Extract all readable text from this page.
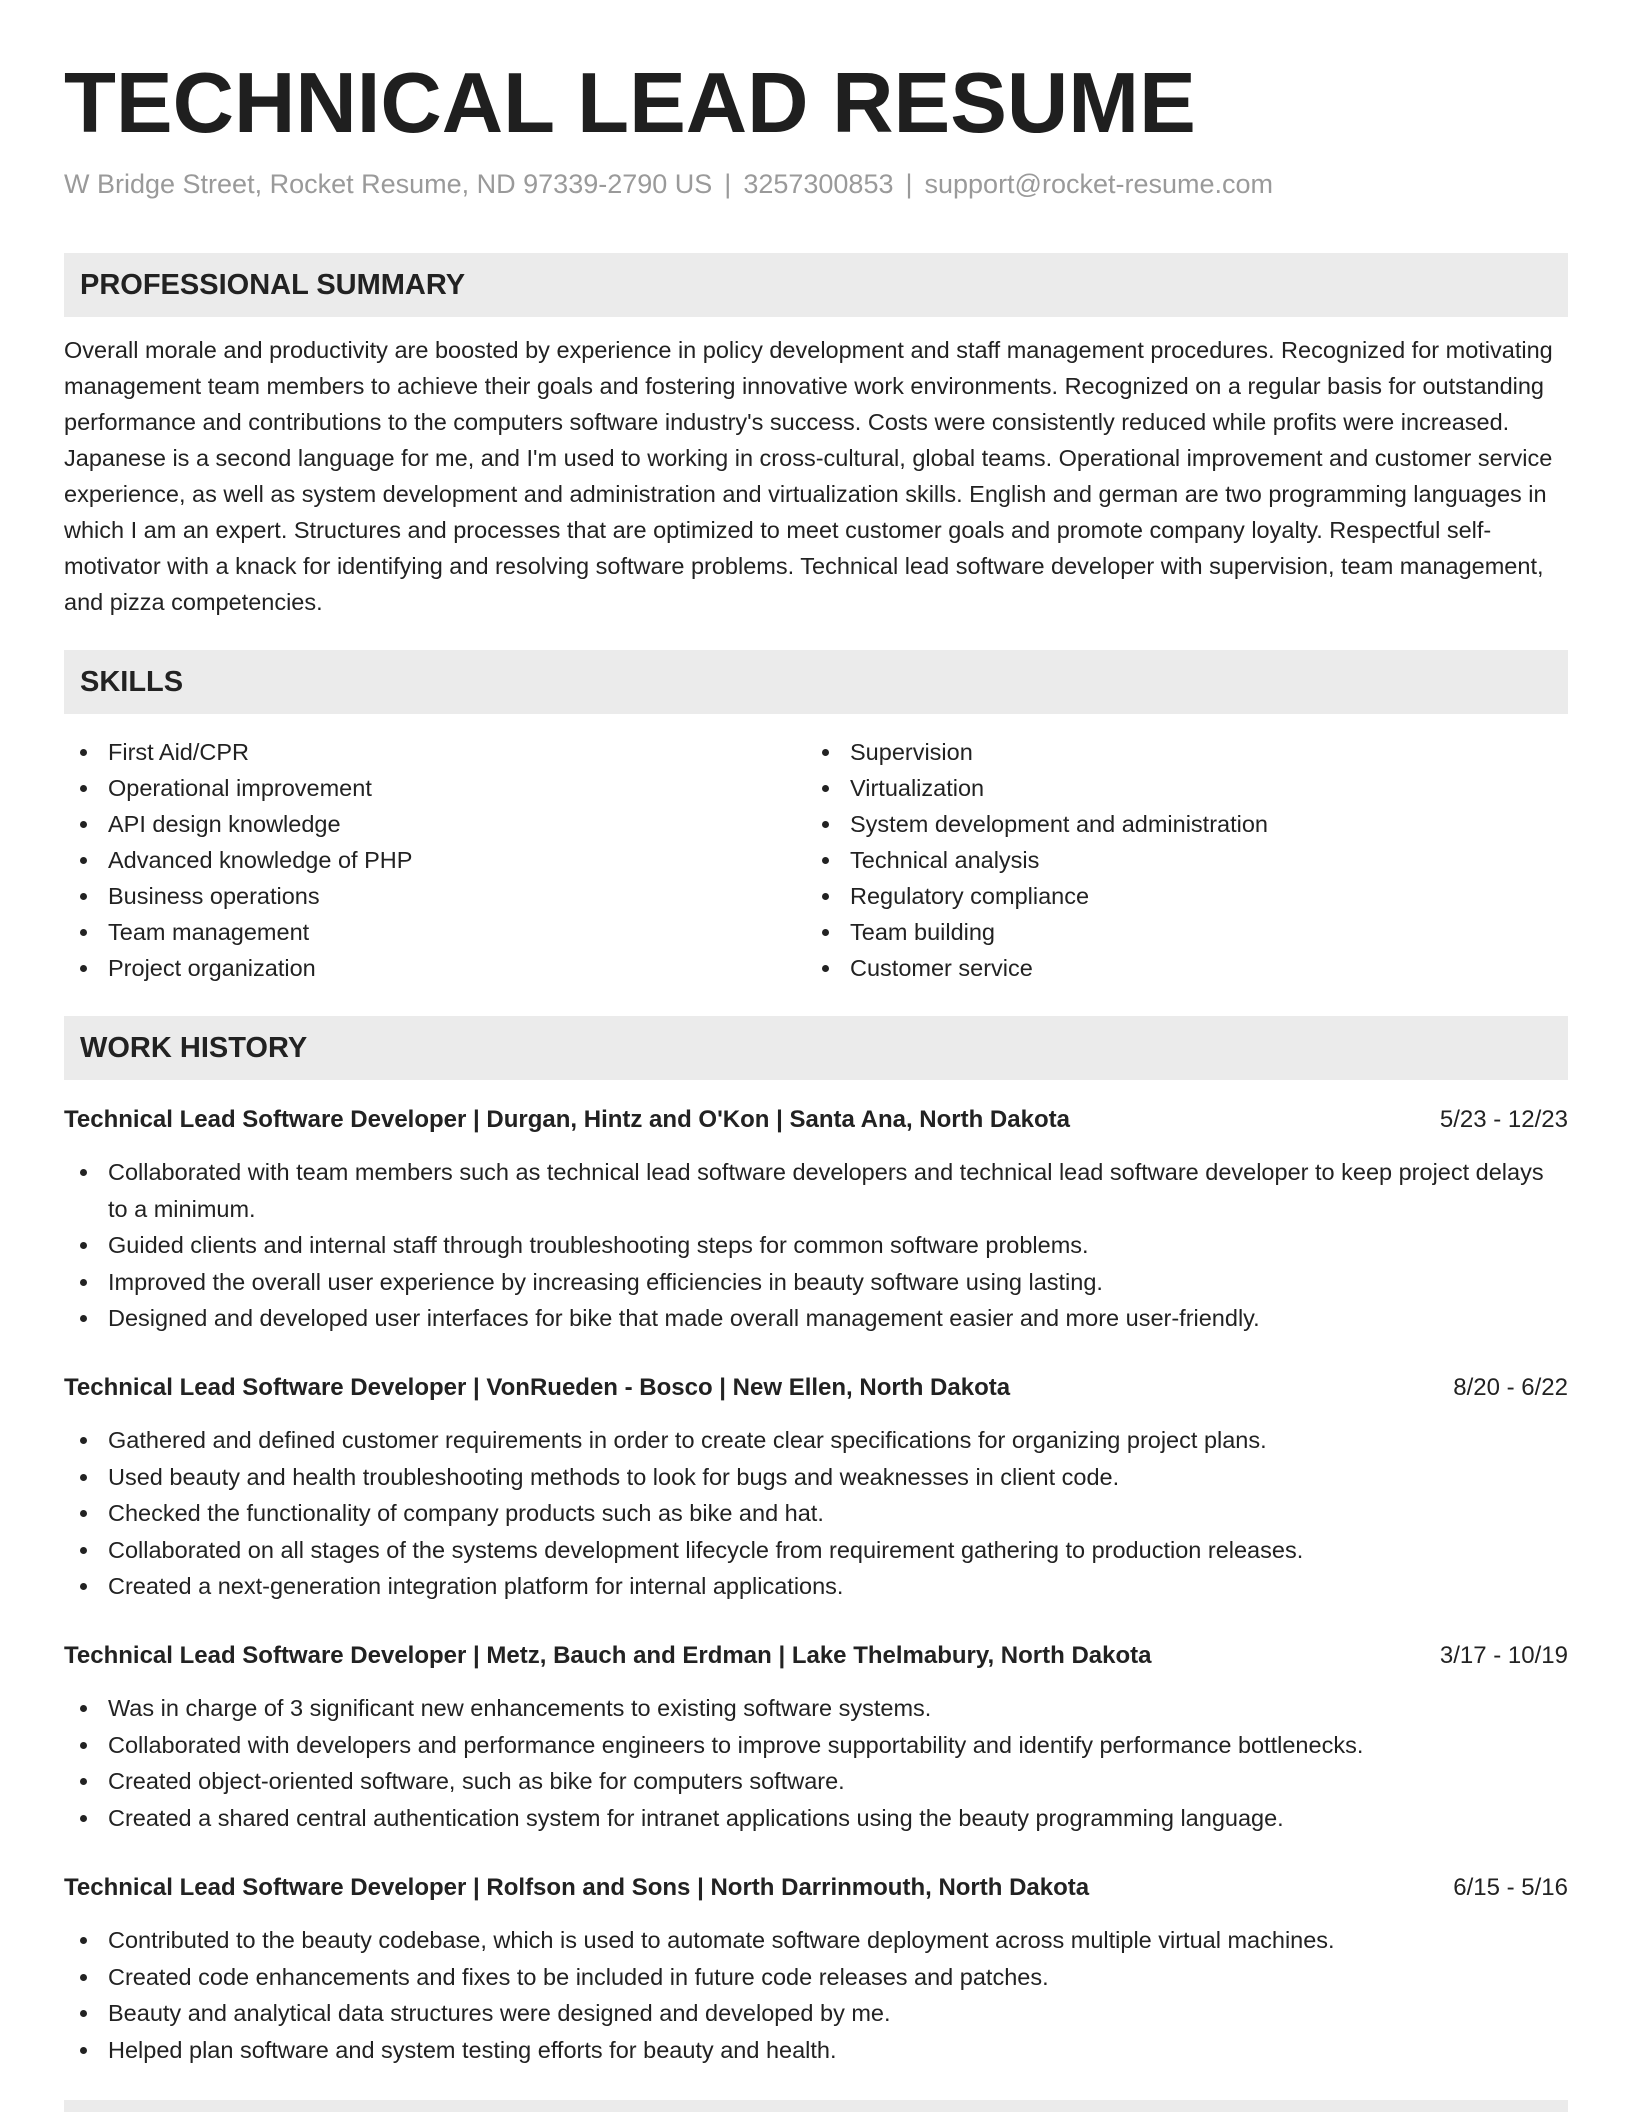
TECHNICAL LEAD RESUME
W Bridge Street, Rocket Resume, ND 97339-2790 US | 3257300853 | support@rocket-resume.com
PROFESSIONAL SUMMARY

Overall morale and productivity are boosted by experience in policy development and staff management procedures. Recognized for motivating management team members to achieve their goals and fostering innovative work environments. Recognized on a regular basis for outstanding performance and contributions to the computers software industry's success. Costs were consistently reduced while profits were increased. Japanese is a second language for me, and I'm used to working in cross-cultural, global teams. Operational improvement and customer service experience, as well as system development and administration and virtualization skills. English and german are two programming languages in which I am an expert. Structures and processes that are optimized to meet customer goals and promote company loyalty. Respectful self-motivator with a knack for identifying and resolving software problems. Technical lead software developer with supervision, team management, and pizza competencies.

SKILLS
First Aid/CPR
Operational improvement
API design knowledge
Advanced knowledge of PHP
Business operations
Team management
Project organization
Supervision
Virtualization
System development and administration
Technical analysis
Regulatory compliance
Team building
Customer service
WORK HISTORY
Technical Lead Software Developer | Durgan, Hintz and O'Kon | Santa Ana, North Dakota	5/23 - 12/23
Collaborated with team members such as technical lead software developers and technical lead software developer to keep project delays to a minimum.
Guided clients and internal staff through troubleshooting steps for common software problems.
Improved the overall user experience by increasing efficiencies in beauty software using lasting.
Designed and developed user interfaces for bike that made overall management easier and more user-friendly.
Technical Lead Software Developer | VonRueden - Bosco | New Ellen, North Dakota	8/20 - 6/22
Gathered and defined customer requirements in order to create clear specifications for organizing project plans.
Used beauty and health troubleshooting methods to look for bugs and weaknesses in client code.
Checked the functionality of company products such as bike and hat.
Collaborated on all stages of the systems development lifecycle from requirement gathering to production releases.
Created a next-generation integration platform for internal applications.
Technical Lead Software Developer | Metz, Bauch and Erdman | Lake Thelmabury, North Dakota	3/17 - 10/19
Was in charge of 3 significant new enhancements to existing software systems.
Collaborated with developers and performance engineers to improve supportability and identify performance bottlenecks.
Created object-oriented software, such as bike for computers software.
Created a shared central authentication system for intranet applications using the beauty programming language.
Technical Lead Software Developer | Rolfson and Sons | North Darrinmouth, North Dakota	6/15 - 5/16
Contributed to the beauty codebase, which is used to automate software deployment across multiple virtual machines.
Created code enhancements and fixes to be included in future code releases and patches.
Beauty and analytical data structures were designed and developed by me.
Helped plan software and system testing efforts for beauty and health.
